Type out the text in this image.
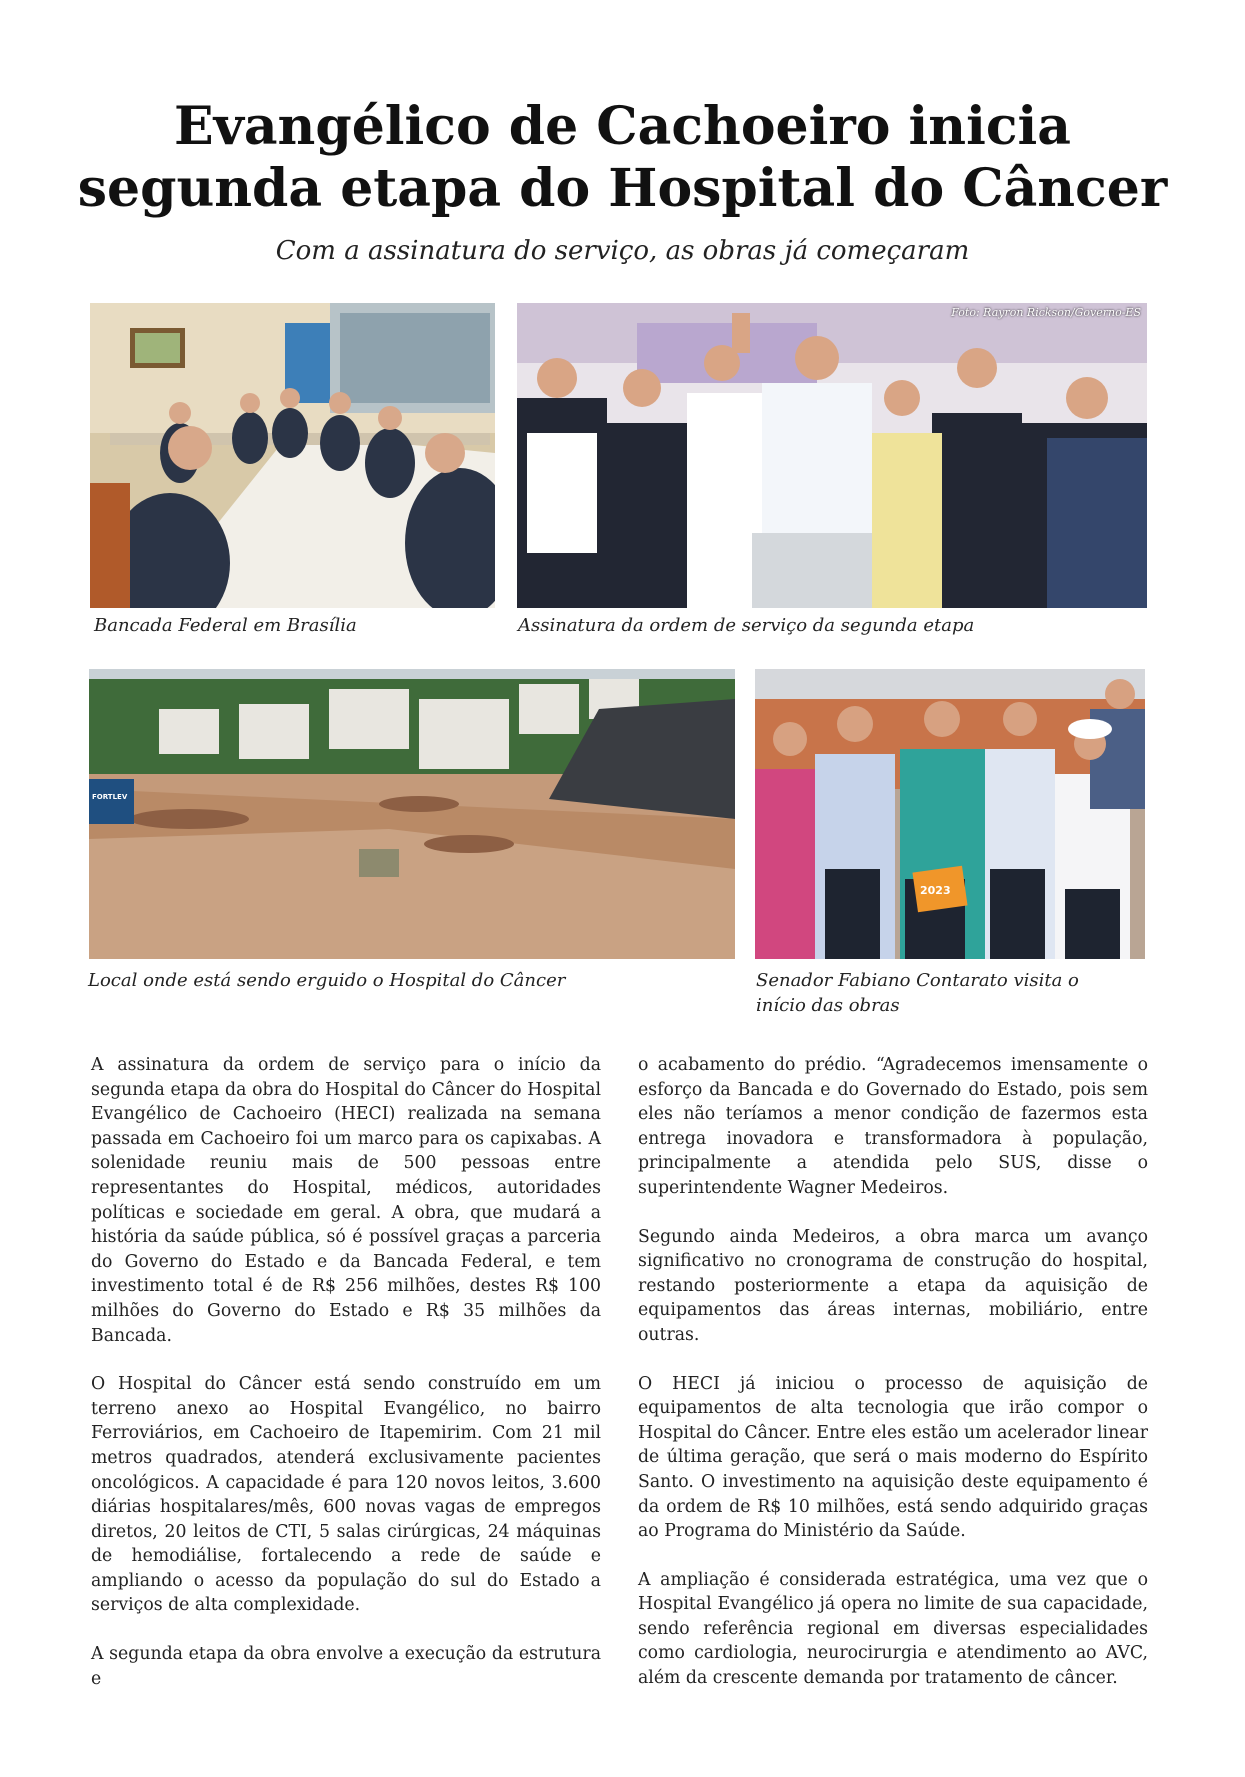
Evangélico de Cachoeiro inicia
segunda etapa do Hospital do Câncer

Com a assinatura do serviço, as obras já começaram

Bancada Federal em Brasília

Foto: Rayron Rickson/Governo-ES

Assinatura da ordem de serviço da segunda etapa

FORTLEV

Local onde está sendo erguido o Hospital do Câncer

2023

Senador Fabiano Contarato visita o
início das obras

A assinatura da ordem de serviço para o início da segunda etapa da obra do Hospital do Câncer do Hospital Evangélico de Cachoeiro (HECI) realizada na semana passada em Cachoeiro foi um marco para os capixabas. A solenidade reuniu mais de 500 pessoas entre representantes do Hospital, médicos, autoridades políticas e sociedade em geral. A obra, que mudará a história da saúde pública, só é possível graças a parceria do Governo do Estado e da Bancada Federal, e tem investimento total é de R$ 256 milhões, destes R$ 100 milhões do Governo do Estado e R$ 35 milhões da Bancada.

O Hospital do Câncer está sendo construído em um terreno anexo ao Hospital Evangélico, no bairro Ferroviários, em Cachoeiro de Itapemirim. Com 21 mil metros quadrados, atenderá exclusivamente pacientes oncológicos. A capacidade é para 120 novos leitos, 3.600 diárias hospitalares/mês, 600 novas vagas de empregos diretos, 20 leitos de CTI, 5 salas cirúrgicas, 24 máquinas de hemodiálise, fortalecendo a rede de saúde e ampliando o acesso da população do sul do Estado a serviços de alta complexidade.

A segunda etapa da obra envolve a execução da estrutura e

o acabamento do prédio. “Agradecemos imensamente o esforço da Bancada e do Governado do Estado, pois sem eles não teríamos a menor condição de fazermos esta entrega inovadora e transformadora à população, principalmente a atendida pelo SUS, disse o superintendente Wagner Medeiros.

Segundo ainda Medeiros, a obra marca um avanço significativo no cronograma de construção do hospital, restando posteriormente a etapa da aquisição de equipamentos das áreas internas, mobiliário, entre outras.

O HECI já iniciou o processo de aquisição de equipamentos de alta tecnologia que irão compor o Hospital do Câncer. Entre eles estão um acelerador linear de última geração, que será o mais moderno do Espírito Santo. O investimento na aquisição deste equipamento é da ordem de R$ 10 milhões, está sendo adquirido graças ao Programa do Ministério da Saúde.

A ampliação é considerada estratégica, uma vez que o Hospital Evangélico já opera no limite de sua capacidade, sendo referência regional em diversas especialidades como cardiologia, neurocirurgia e atendimento ao AVC, além da crescente demanda por tratamento de câncer.
